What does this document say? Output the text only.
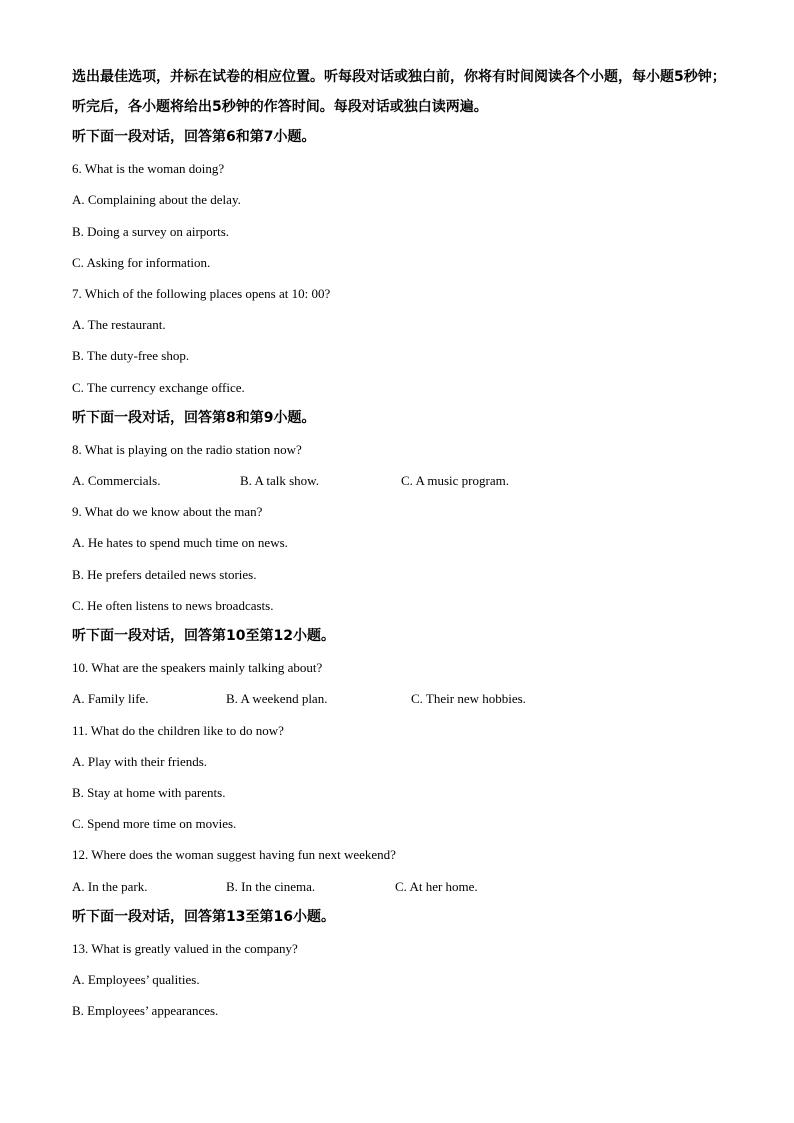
选出最佳选项，并标在试卷的相应位置。听每段对话或独白前，你将有时间阅读各个小题，每小题5秒钟；听完后，各小题将给出5秒钟的作答时间。每段对话或独白读两遍。

听下面一段对话，回答第6和第7小题。
6. What is the woman doing?
A. Complaining about the delay.
B. Doing a survey on airports.
C. Asking for information.
7. Which of the following places opens at 10: 00?
A. The restaurant.
B. The duty-free shop.
C. The currency exchange office.
听下面一段对话，回答第8和第9小题。
8. What is playing on the radio station now?
A. Commercials.	B. A talk show.	C. A music program.
9. What do we know about the man?
A. He hates to spend much time on news.
B. He prefers detailed news stories.
C. He often listens to news broadcasts.
听下面一段对话，回答第10至第12小题。
10. What are the speakers mainly talking about?
A. Family life.	B. A weekend plan.	C. Their new hobbies.
11. What do the children like to do now?
A. Play with their friends.
B. Stay at home with parents.
C. Spend more time on movies.
12. Where does the woman suggest having fun next weekend?
A. In the park.	B. In the cinema.	C. At her home.
听下面一段对话，回答第13至第16小题。
13. What is greatly valued in the company?
A. Employees’ qualities.
B. Employees’ appearances.
